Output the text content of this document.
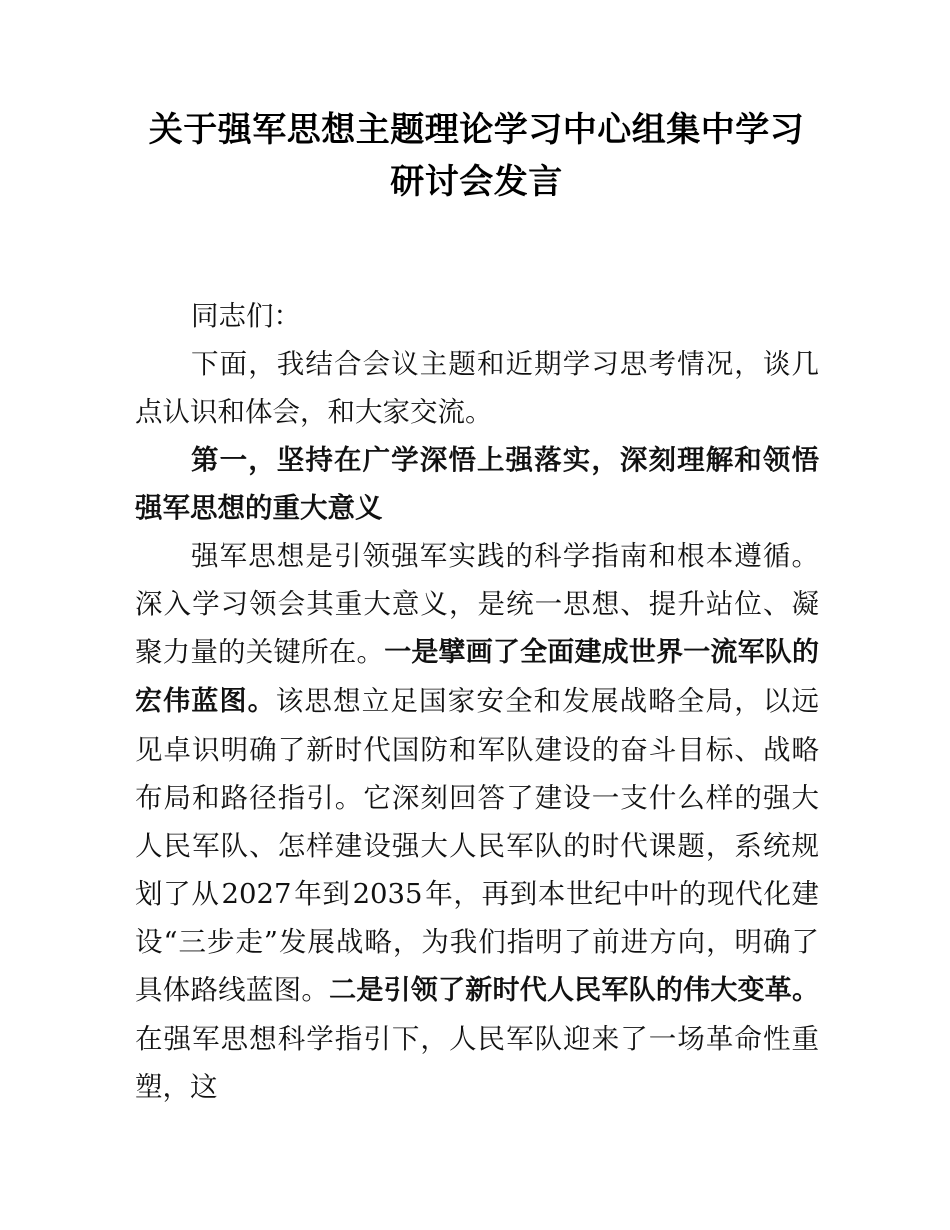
关于强军思想主题理论学习中心组集中学习
研讨会发言

同志们：

下面，我结合会议主题和近期学习思考情况，谈几点认识和体会，和大家交流。

第一，坚持在广学深悟上强落实，深刻理解和领悟强军思想的重大意义

强军思想是引领强军实践的科学指南和根本遵循。深入学习领会其重大意义，是统一思想、提升站位、凝聚力量的关键所在。一是擘画了全面建成世界一流军队的宏伟蓝图。该思想立足国家安全和发展战略全局，以远见卓识明确了新时代国防和军队建设的奋斗目标、战略布局和路径指引。它深刻回答了建设一支什么样的强大人民军队、怎样建设强大人民军队的时代课题，系统规划了从2027年到2035年，再到本世纪中叶的现代化建设“三步走”发展战略，为我们指明了前进方向，明确了具体路线蓝图。二是引领了新时代人民军队的伟大变革。在强军思想科学指引下，人民军队迎来了一场革命性重塑，这
